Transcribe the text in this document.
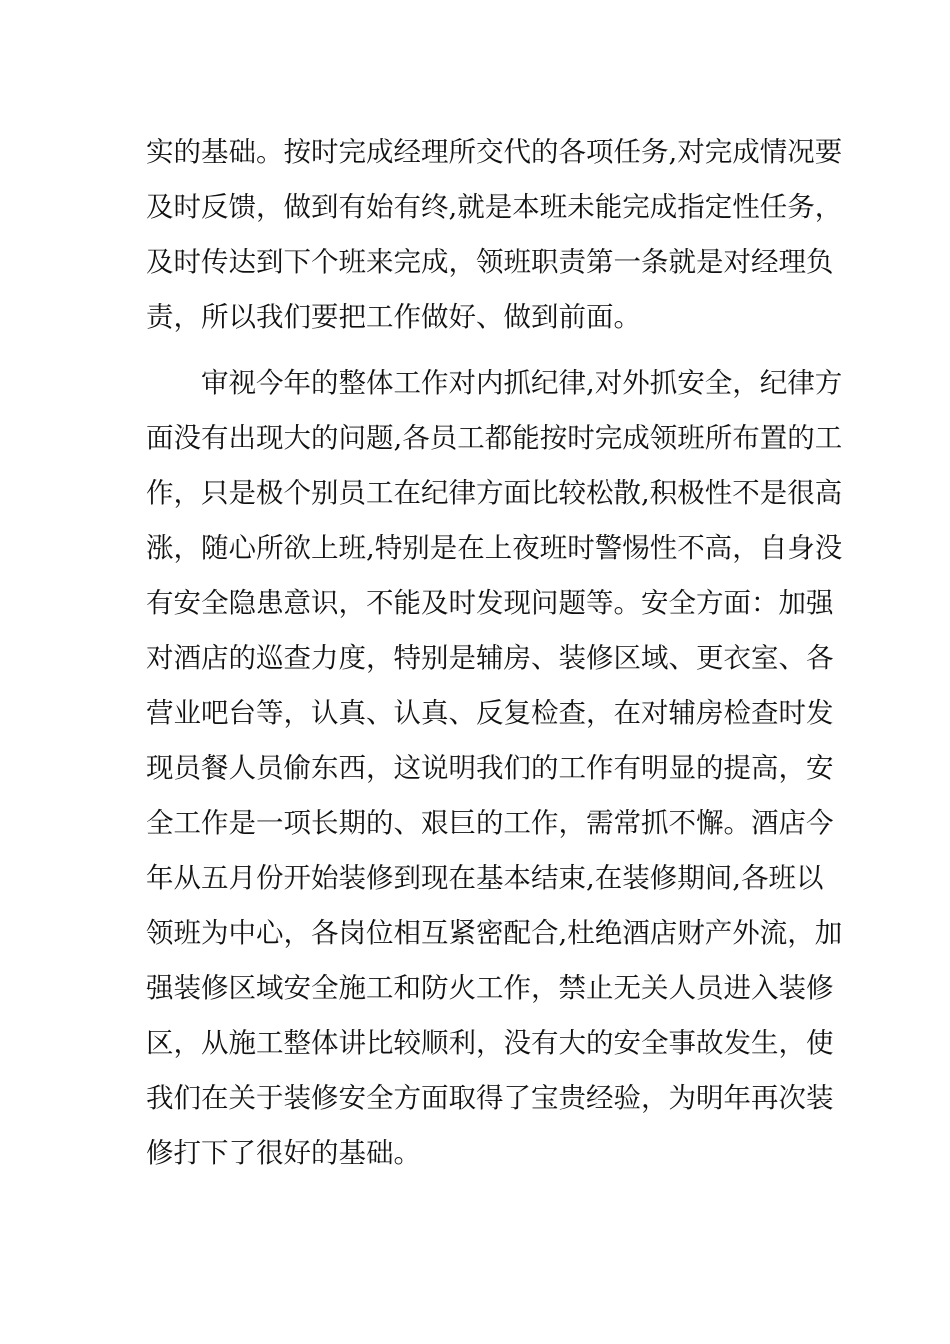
实的基础。按时完成经理所交代的各项任务,对完成情况要
及时反馈，做到有始有终,就是本班未能完成指定性任务，
及时传达到下个班来完成，领班职责第一条就是对经理负
责，所以我们要把工作做好、做到前面。
审视今年的整体工作对内抓纪律,对外抓安全，纪律方
面没有出现大的问题,各员工都能按时完成领班所布置的工
作，只是极个别员工在纪律方面比较松散,积极性不是很高
涨，随心所欲上班,特别是在上夜班时警惕性不高，自身没
有安全隐患意识，不能及时发现问题等。安全方面：加强
对酒店的巡查力度，特别是辅房、装修区域、更衣室、各
营业吧台等，认真、认真、反复检查，在对辅房检查时发
现员餐人员偷东西，这说明我们的工作有明显的提高，安
全工作是一项长期的、艰巨的工作，需常抓不懈。酒店今
年从五月份开始装修到现在基本结束,在装修期间,各班以
领班为中心，各岗位相互紧密配合,杜绝酒店财产外流，加
强装修区域安全施工和防火工作，禁止无关人员进入装修
区，从施工整体讲比较顺利，没有大的安全事故发生，使
我们在关于装修安全方面取得了宝贵经验，为明年再次装
修打下了很好的基础。
